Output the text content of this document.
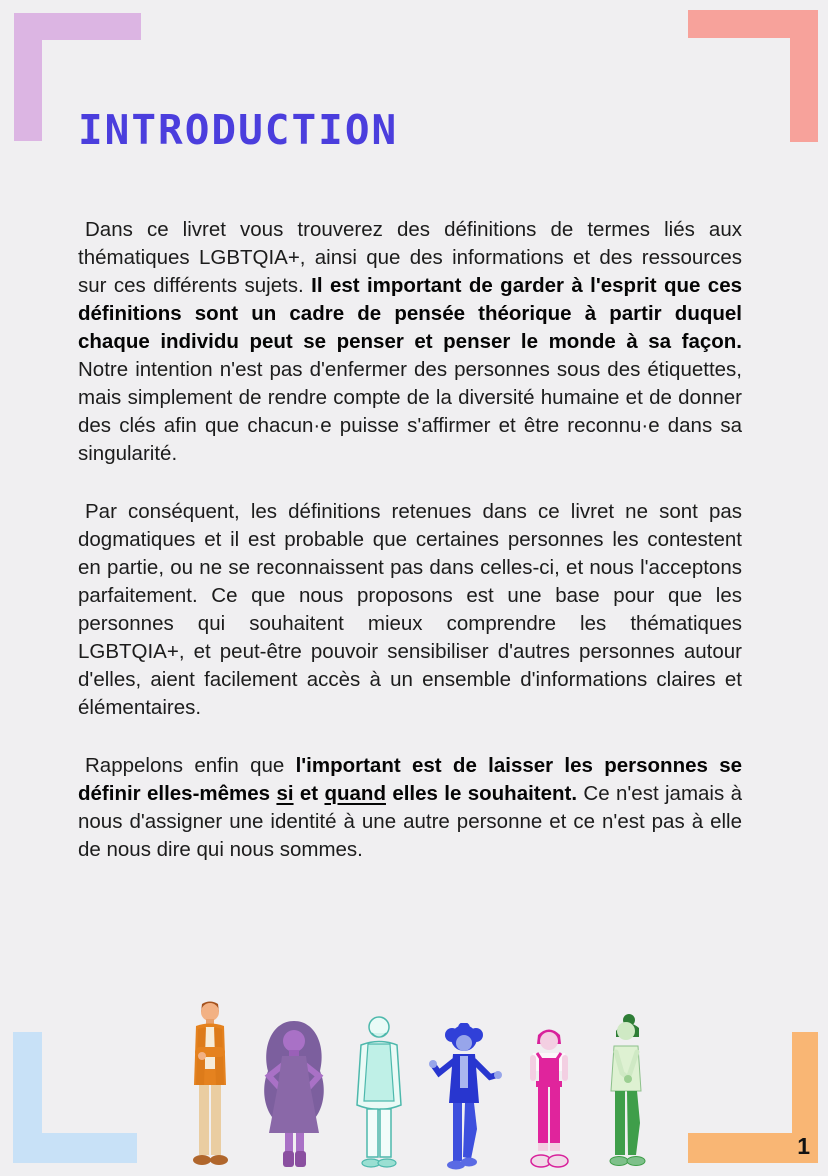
INTRODUCTION

Dans ce livret vous trouverez des définitions de termes liés aux thématiques LGBTQIA+, ainsi que des informations et des ressources sur ces différents sujets. Il est important de garder à l'esprit que ces définitions sont un cadre de pensée théorique à partir duquel chaque individu peut se penser et penser le monde à sa façon. Notre intention n'est pas d'enfermer des personnes sous des étiquettes, mais simplement de rendre compte de la diversité humaine et de donner des clés afin que chacun·e puisse s'affirmer et être reconnu·e dans sa singularité.

Par conséquent, les définitions retenues dans ce livret ne sont pas dogmatiques et il est probable que certaines personnes les contestent en partie, ou ne se reconnaissent pas dans celles-ci, et nous l'acceptons parfaitement. Ce que nous proposons est une base pour que les personnes qui souhaitent mieux comprendre les thématiques LGBTQIA+, et peut-être pouvoir sensibiliser d'autres personnes autour d'elles, aient facilement accès à un ensemble d'informations claires et élémentaires.

Rappelons enfin que l'important est de laisser les personnes se définir elles-mêmes si et quand elles le souhaitent. Ce n'est jamais à nous d'assigner une identité à une autre personne et ce n'est pas à elle de nous dire qui nous sommes.

1
